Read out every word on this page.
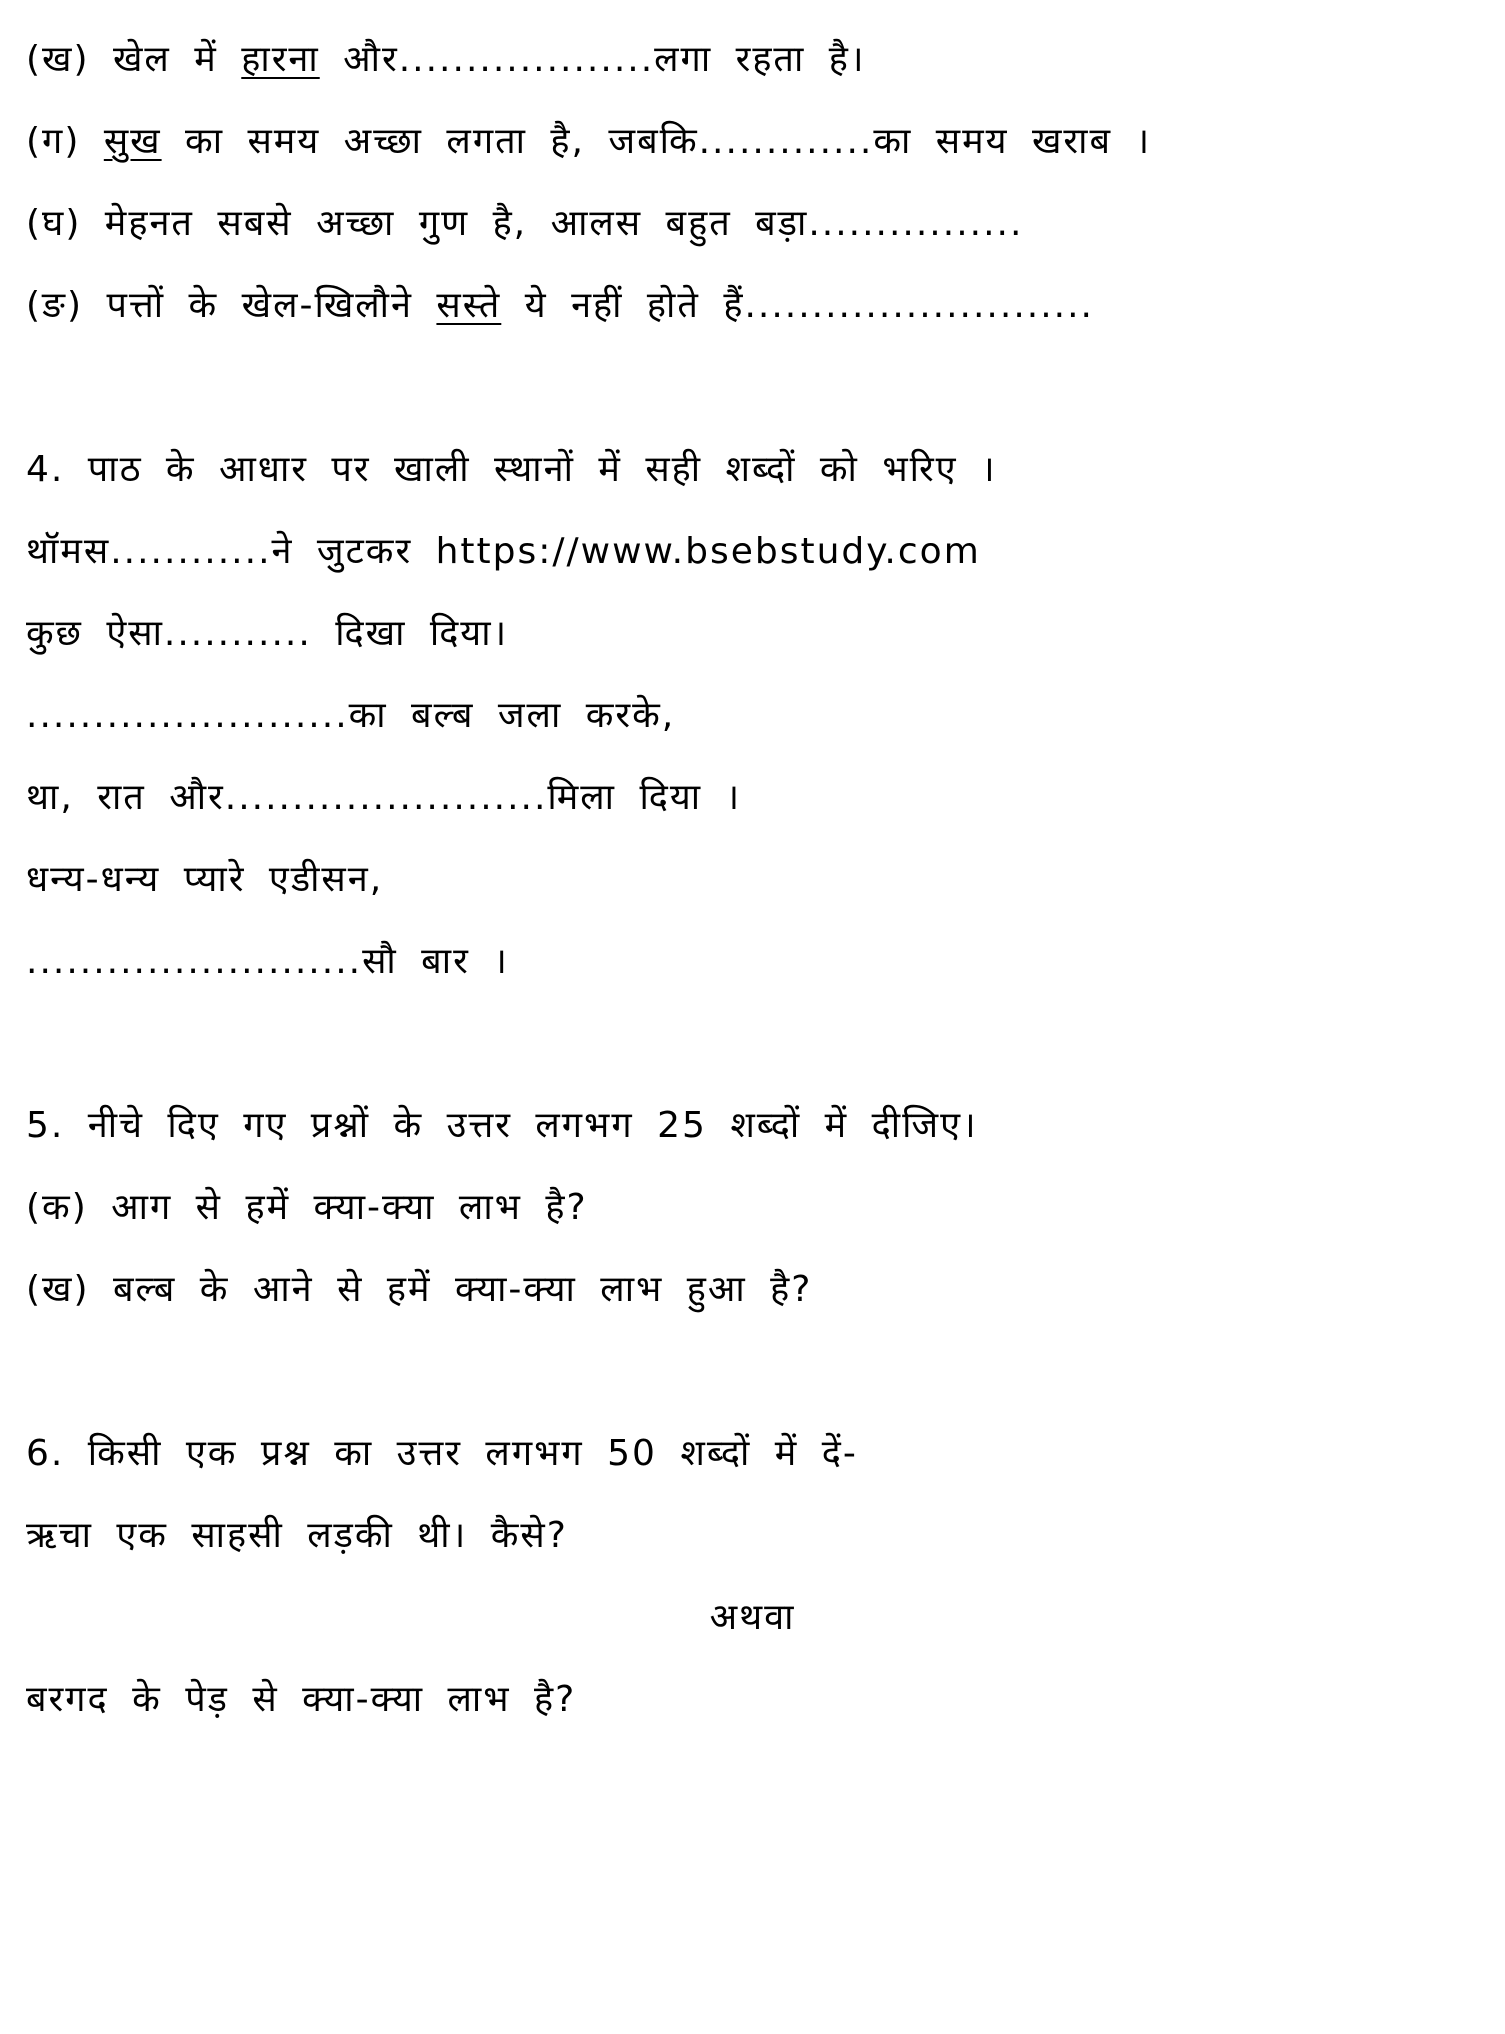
(ख) खेल में हारना और...................लगा रहता है।
(ग) सुख का समय अच्छा लगता है, जबकि.............का समय खराब ।
(घ) मेहनत सबसे अच्छा गुण है, आलस बहुत बड़ा................
(ङ) पत्तों के खेल-खिलौने सस्ते ये नहीं होते हैं..........................
4. पाठ के आधार पर खाली स्थानों में सही शब्दों को भरिए ।
थॉमस............ने जुटकर https://www.bsebstudy.com
कुछ ऐसा........... दिखा दिया।
........................का बल्ब जला करके,
था, रात और........................मिला दिया ।
धन्य-धन्य प्यारे एडीसन,
.........................सौ बार ।
5. नीचे दिए गए प्रश्नों के उत्तर लगभग 25 शब्दों में दीजिए।
(क) आग से हमें क्या-क्या लाभ है?
(ख) बल्ब के आने से हमें क्या-क्या लाभ हुआ है?
6. किसी एक प्रश्न का उत्तर लगभग 50 शब्दों में दें-
ऋचा एक साहसी लड़की थी। कैसे?
अथवा
बरगद के पेड़ से क्या-क्या लाभ है?
